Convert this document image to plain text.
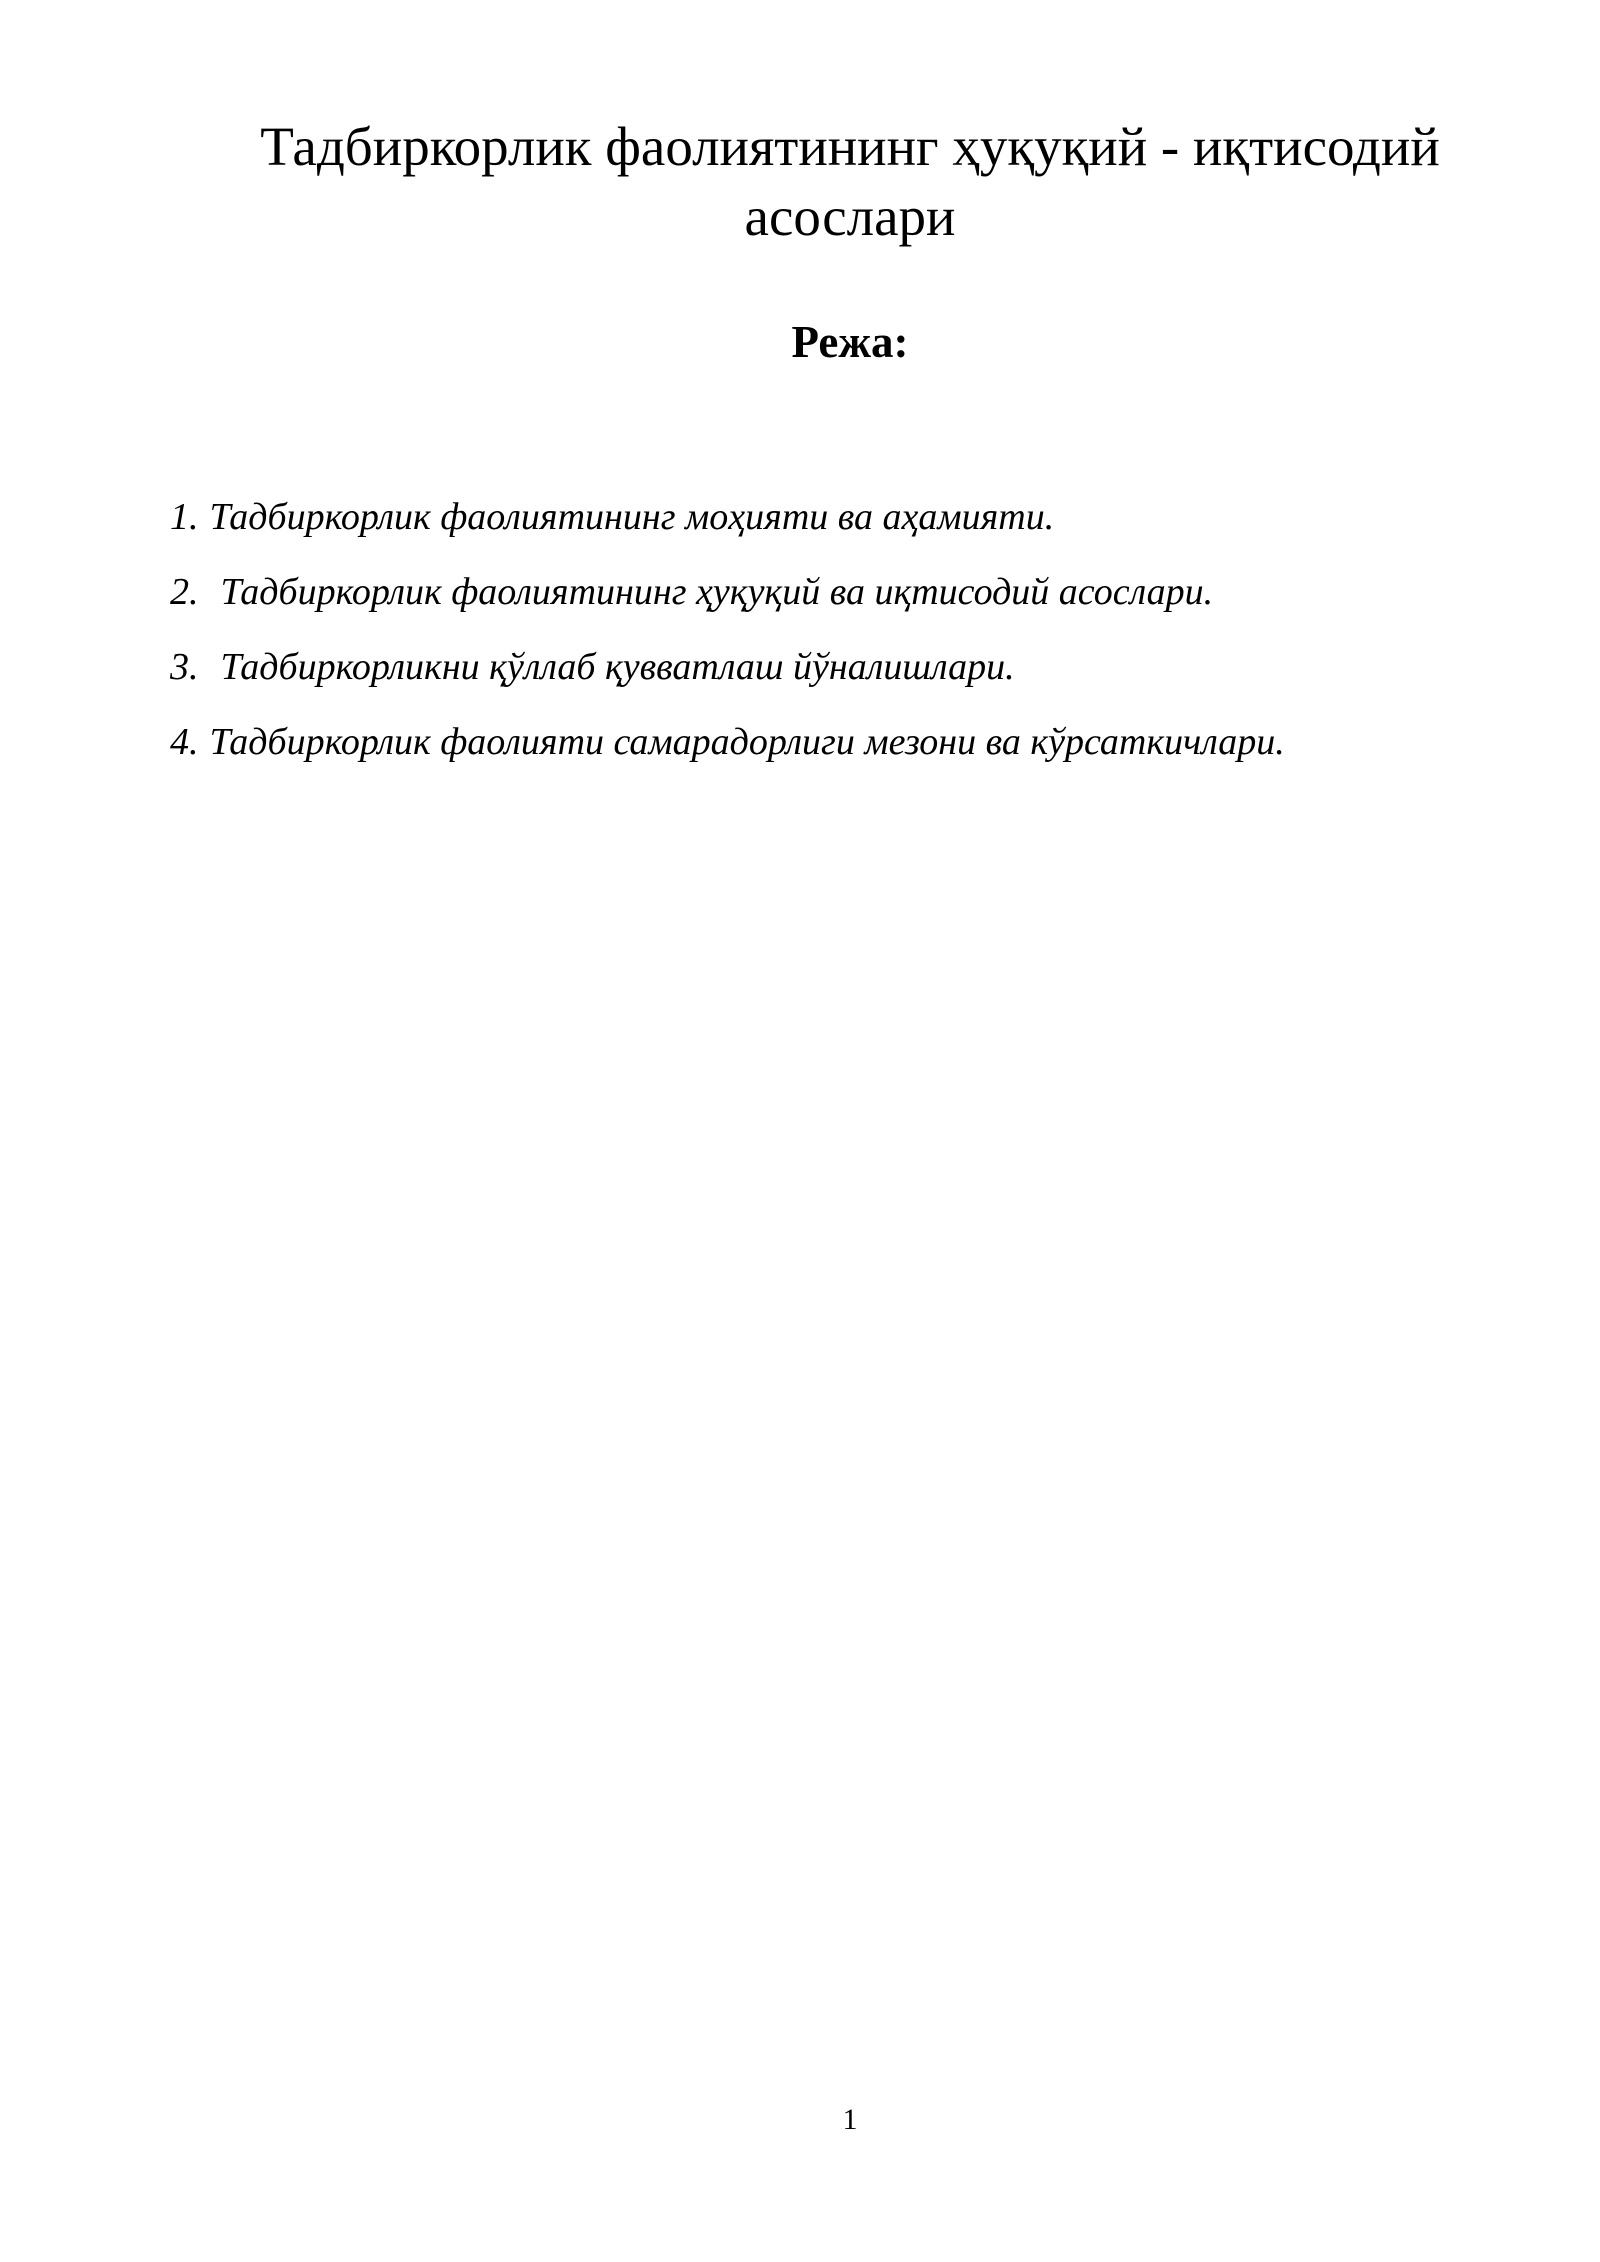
Тадбиркорлик фаолиятининг ҳуқуқий - иқтисодий
асослари
Режа:
1. Тадбиркорлик фаолиятининг моҳияти ва аҳамияти.
2. Тадбиркорлик фаолиятининг ҳуқуқий ва иқтисодий асослари.
3. Тадбиркорликни қўллаб қувватлаш йўналишлари.
4. Тадбиркорлик фаолияти самарадорлиги мезони ва кўрсаткичлари.
1
